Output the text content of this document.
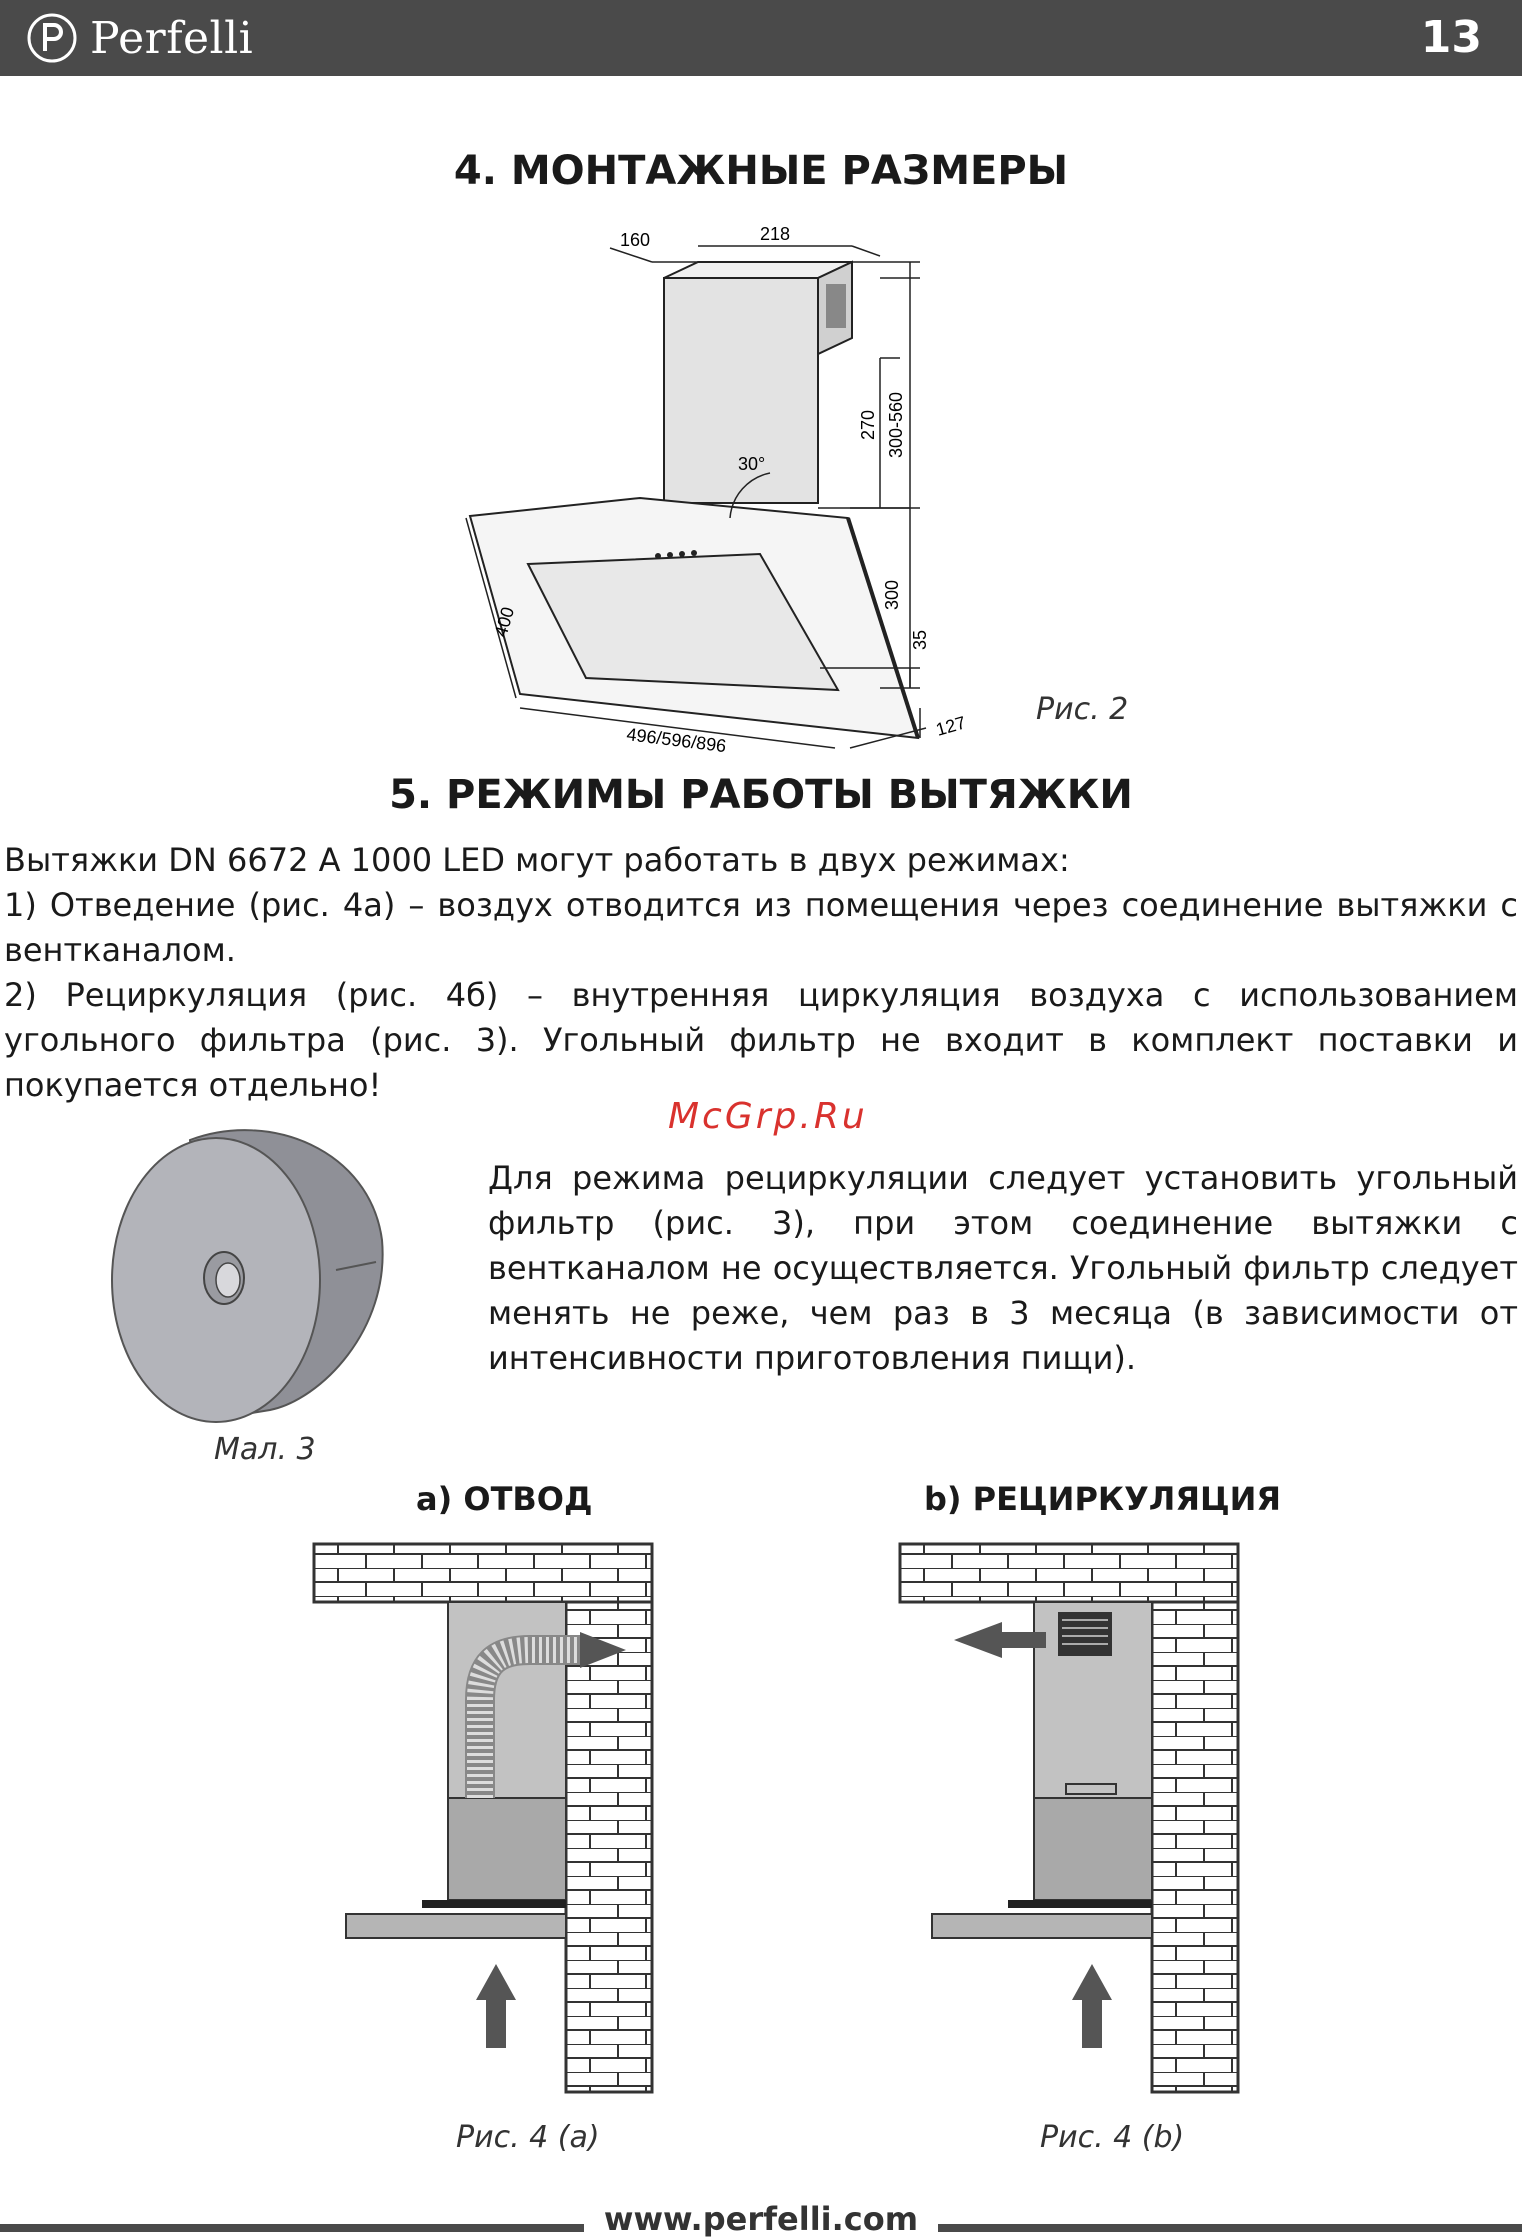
Perfelli	13
4. МОНТАЖНЫЕ РАЗМЕРЫ
160	218
270 300-560
30°
300
35
400
496/596/896	127 Рис. 2
5. РЕЖИМЫ РАБОТЫ ВЫТЯЖКИ
Вытяжки DN 6672 A 1000 LED могут работать в двух режимах:
1) Отведение (рис. 4а) – воздух отводится из помещения через соединение вытяжки с вентканалом.
2) Рециркуляция (рис. 4б) – внутренняя циркуляция воздуха с использованием угольного фильтра (рис. 3). Угольный фильтр не входит в комплект поставки и покупается отдельно!
McGrp.Ru
Для режима рециркуляции следует установить угольный фильтр (рис. 3), при этом соединение вытяжки с вентканалом не осуществляется. Угольный фильтр следует менять не реже, чем раз в 3 месяца (в зависимости от интенсивности приготовления пищи).
Мал. 3
a) ОТВОД	b) РЕЦИРКУЛЯЦИЯ
Рис. 4 (a)	Рис. 4 (b)
www.perfelli.com
